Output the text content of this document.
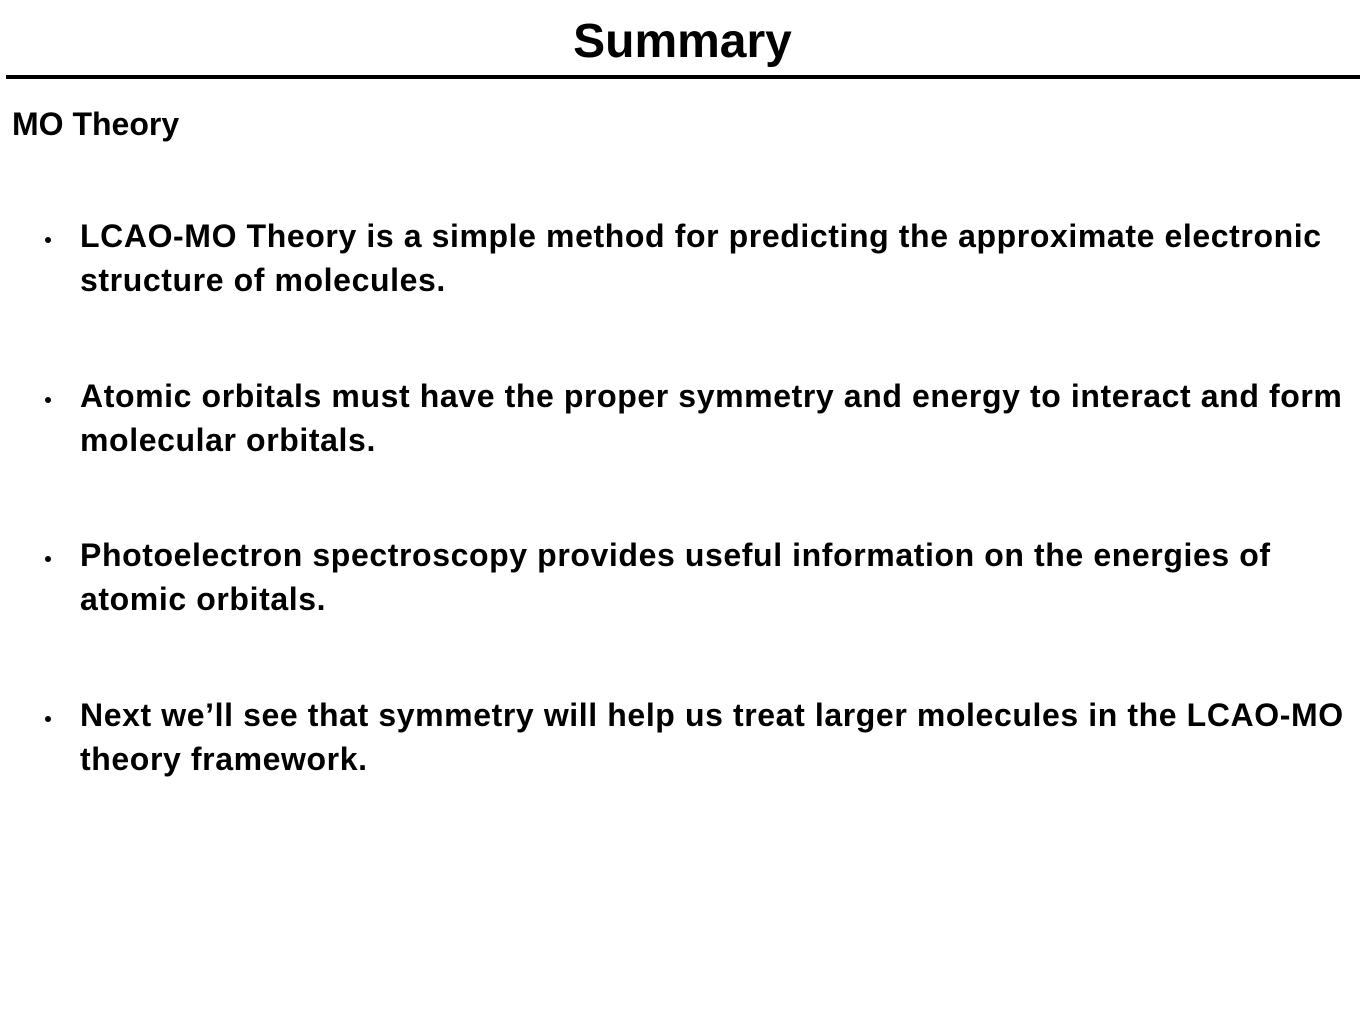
Summary
MO Theory
LCAO-MO Theory is a simple method for predicting the approximate electronic structure of molecules.
Atomic orbitals must have the proper symmetry and energy to interact and form molecular orbitals.
Photoelectron spectroscopy provides useful information on the energies of atomic orbitals.
Next we’ll see that symmetry will help us treat larger molecules in the LCAO-MO theory framework.
